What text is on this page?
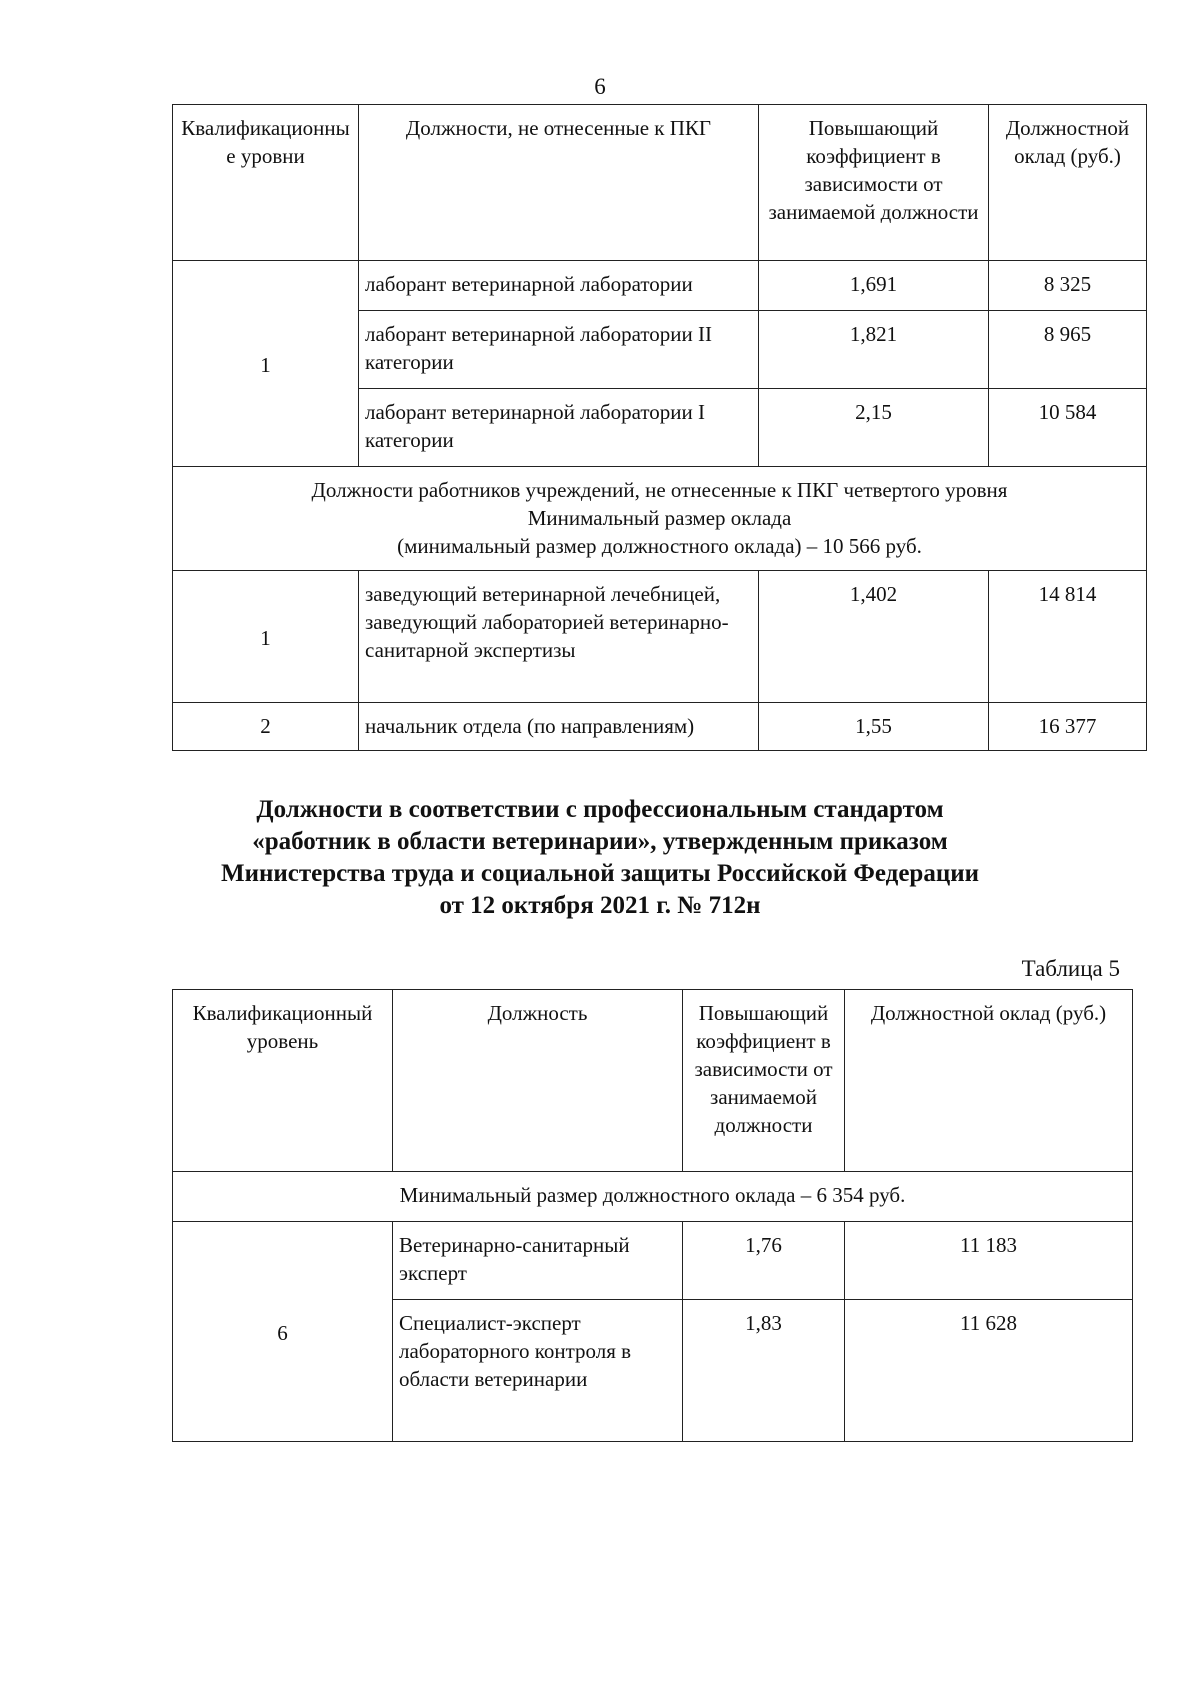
6
Квалификационные уровни	Должности, не отнесенные к ПКГ	Повышающий коэффициент в зависимости от занимаемой должности	Должностной оклад (руб.)
1	лаборант ветеринарной лаборатории	1,691	8 325
	лаборант ветеринарной лаборатории II категории	1,821	8 965
	лаборант ветеринарной лаборатории I категории	2,15	10 584

Должности работников учреждений, не отнесенные к ПКГ четвертого уровня
Минимальный размер оклада
(минимальный размер должностного оклада) – 10 566 руб.			

1	заведующий ветеринарной лечебницей, заведующий лабораторией ветеринарно-санитарной экспертизы	1,402	14 814
2	начальник отдела (по направлениям)	1,55	16 377
Должности в соответствии с профессиональным стандартом
«работник в области ветеринарии», утвержденным приказом
Министерства труда и социальной защиты Российской Федерации
от 12 октября 2021 г. № 712н
Таблица 5
Квалификационный уровень	Должность	Повышающий коэффициент в зависимости от занимаемой должности	Должностной оклад (руб.)
Минимальный размер должностного оклада – 6 354 руб.			
6	Ветеринарно-санитарный эксперт	1,76	11 183
	Специалист-эксперт лабораторного контроля в области ветеринарии	1,83	11 628
